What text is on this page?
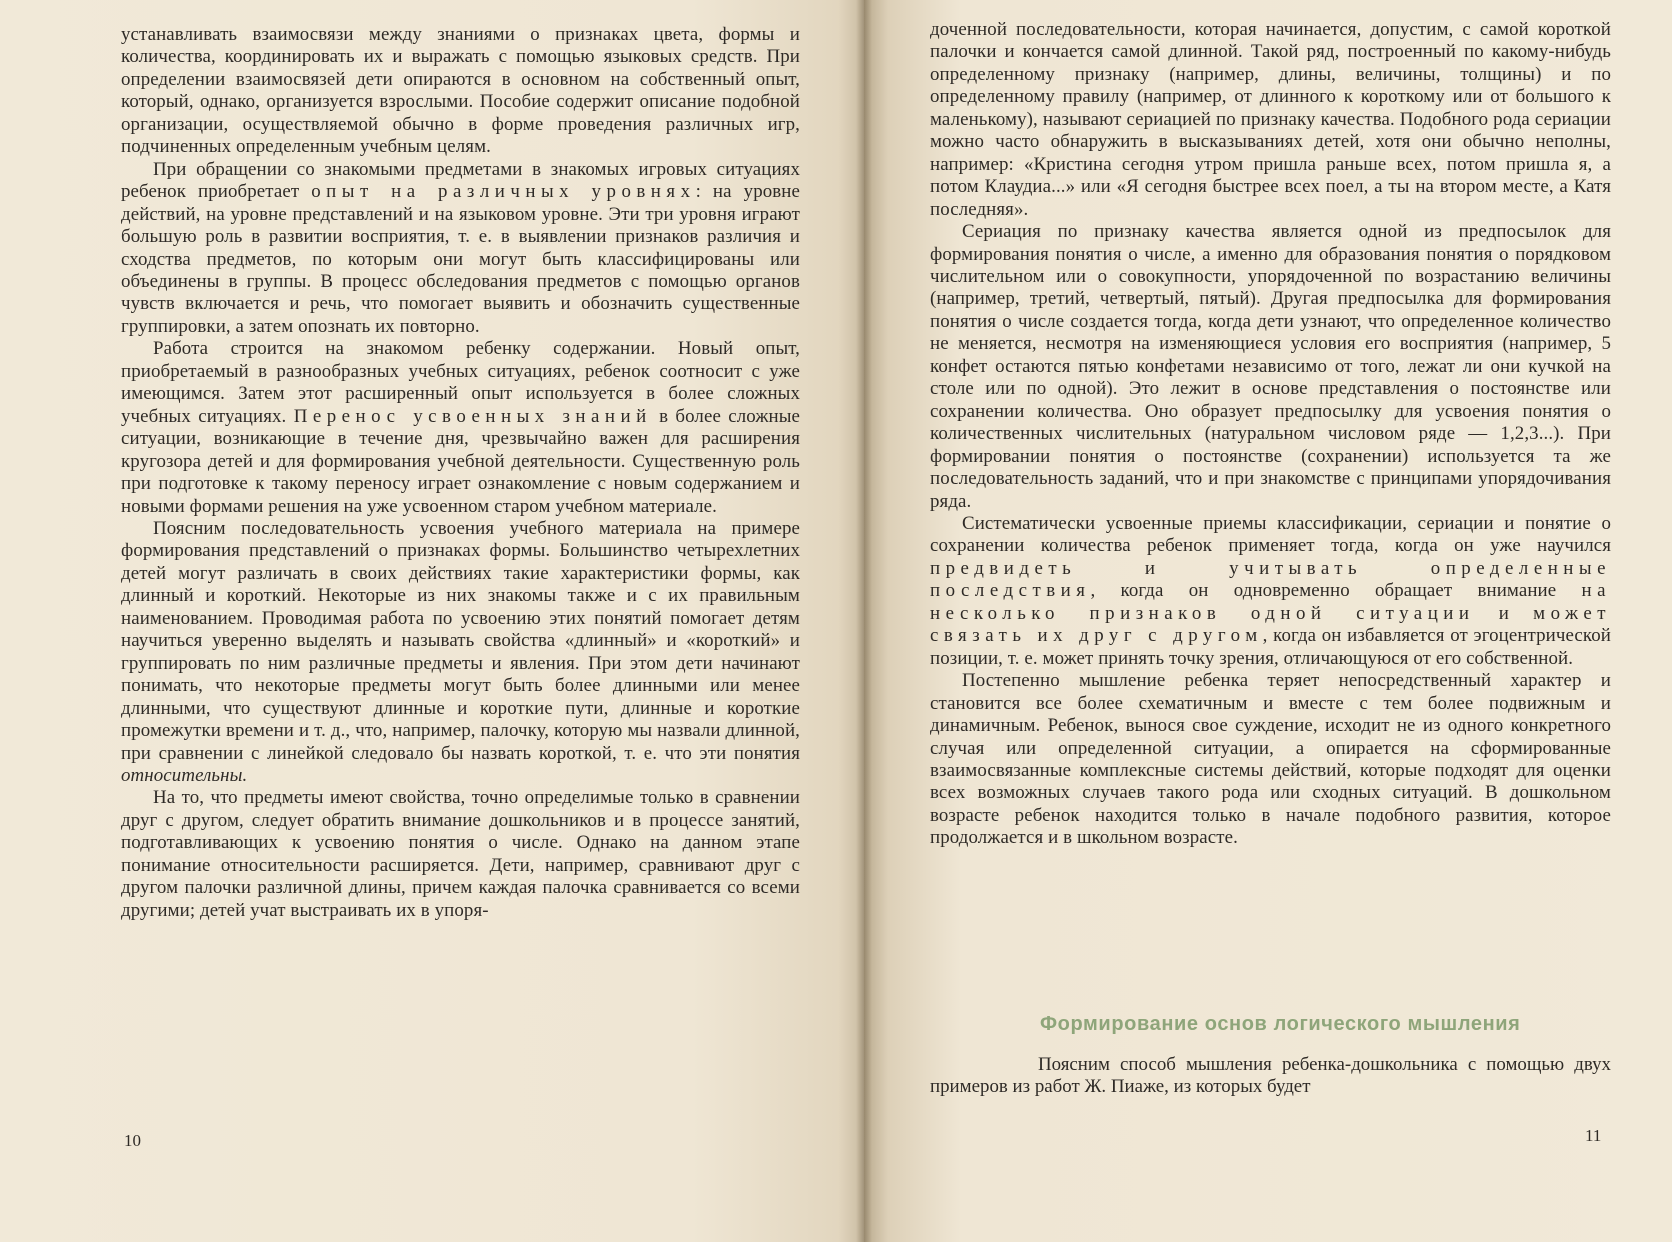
устанавливать взаимосвязи между знаниями о признаках цвета, формы и количества, координировать их и выражать с помощью языковых средств. При определении взаимосвязей дети опираются в основном на собственный опыт, который, однако, организуется взрослыми. Пособие содержит описание подобной организации, осуществляемой обычно в форме проведения различных игр, подчиненных определенным учебным целям.

При обращении со знакомыми предметами в знакомых игровых ситуациях ребенок приобретает опыт на различных уровнях: на уровне действий, на уровне представлений и на языковом уровне. Эти три уровня играют большую роль в развитии восприятия, т. е. в выявлении признаков различия и сходства предметов, по которым они могут быть классифицированы или объединены в группы. В процесс обследования предметов с помощью органов чувств включается и речь, что помогает выявить и обозначить существенные группировки, а затем опознать их повторно.

Работа строится на знакомом ребенку содержании. Новый опыт, приобретаемый в разнообразных учебных ситуациях, ребенок соотносит с уже имеющимся. Затем этот расширенный опыт используется в более сложных учебных ситуациях. Перенос усвоенных знаний в более сложные ситуации, возникающие в течение дня, чрезвычайно важен для расширения кругозора детей и для формирования учебной деятельности. Существенную роль при подготовке к такому переносу играет ознакомление с новым содержанием и новыми формами решения на уже усвоенном старом учебном материале.

Поясним последовательность усвоения учебного материала на примере формирования представлений о признаках формы. Большинство четырехлетних детей могут различать в своих действиях такие характеристики формы, как длинный и короткий. Некоторые из них знакомы также и с их правильным наименованием. Проводимая работа по усвоению этих понятий помогает детям научиться уверенно выделять и называть свойства «длинный» и «короткий» и группировать по ним различные предметы и явления. При этом дети начинают понимать, что некоторые предметы могут быть более длинными или менее длинными, что существуют длинные и короткие пути, длинные и короткие промежутки времени и т. д., что, например, палочку, которую мы назвали длинной, при сравнении с линейкой следовало бы назвать короткой, т. е. что эти понятия относительны.

На то, что предметы имеют свойства, точно определимые только в сравнении друг с другом, следует обратить внимание дошкольников и в процессе занятий, подготавливающих к усвоению понятия о числе. Однако на данном этапе понимание относительности расширяется. Дети, например, сравнивают друг с другом палочки различной длины, причем каждая палочка сравнивается со всеми другими; детей учат выстраивать их в упоря-

10

доченной последовательности, которая начинается, допустим, с самой короткой палочки и кончается самой длинной. Такой ряд, построенный по какому-нибудь определенному признаку (например, длины, величины, толщины) и по определенному правилу (например, от длинного к короткому или от большого к маленькому), называют сериацией по признаку качества. Подобного рода сериации можно часто обнаружить в высказываниях детей, хотя они обычно неполны, например: «Кристина сегодня утром пришла раньше всех, потом пришла я, а потом Клаудиа...» или «Я сегодня быстрее всех поел, а ты на втором месте, а Катя последняя».

Сериация по признаку качества является одной из предпосылок для формирования понятия о числе, а именно для образования понятия о порядковом числительном или о совокупности, упорядоченной по возрастанию величины (например, третий, четвертый, пятый). Другая предпосылка для формирования понятия о числе создается тогда, когда дети узнают, что определенное количество не меняется, несмотря на изменяющиеся условия его восприятия (например, 5 конфет остаются пятью конфетами независимо от того, лежат ли они кучкой на столе или по одной). Это лежит в основе представления о постоянстве или сохранении количества. Оно образует предпосылку для усвоения понятия о количественных числительных (натуральном числовом ряде — 1,2,3...). При формировании понятия о постоянстве (сохранении) используется та же последовательность заданий, что и при знакомстве с принципами упорядочивания ряда.

Систематически усвоенные приемы классификации, сериации и понятие о сохранении количества ребенок применяет тогда, когда он уже научился предвидеть и учитывать определенные последствия, когда он одновременно обращает внимание на несколько признаков одной ситуации и может связать их друг с другом, когда он избавляется от эгоцентрической позиции, т. е. может принять точку зрения, отличающуюся от его собственной.

Постепенно мышление ребенка теряет непосредственный характер и становится все более схематичным и вместе с тем более подвижным и динамичным. Ребенок, вынося свое суждение, исходит не из одного конкретного случая или определенной ситуации, а опирается на сформированные взаимосвязанные комплексные системы действий, которые подходят для оценки всех возможных случаев такого рода или сходных ситуаций. В дошкольном возрасте ребенок находится только в начале подобного развития, которое продолжается и в школьном возрасте.

Формирование основ логического мышления

Поясним способ мышления ребенка-дошкольника с помощью двух примеров из работ Ж. Пиаже, из которых будет

11
